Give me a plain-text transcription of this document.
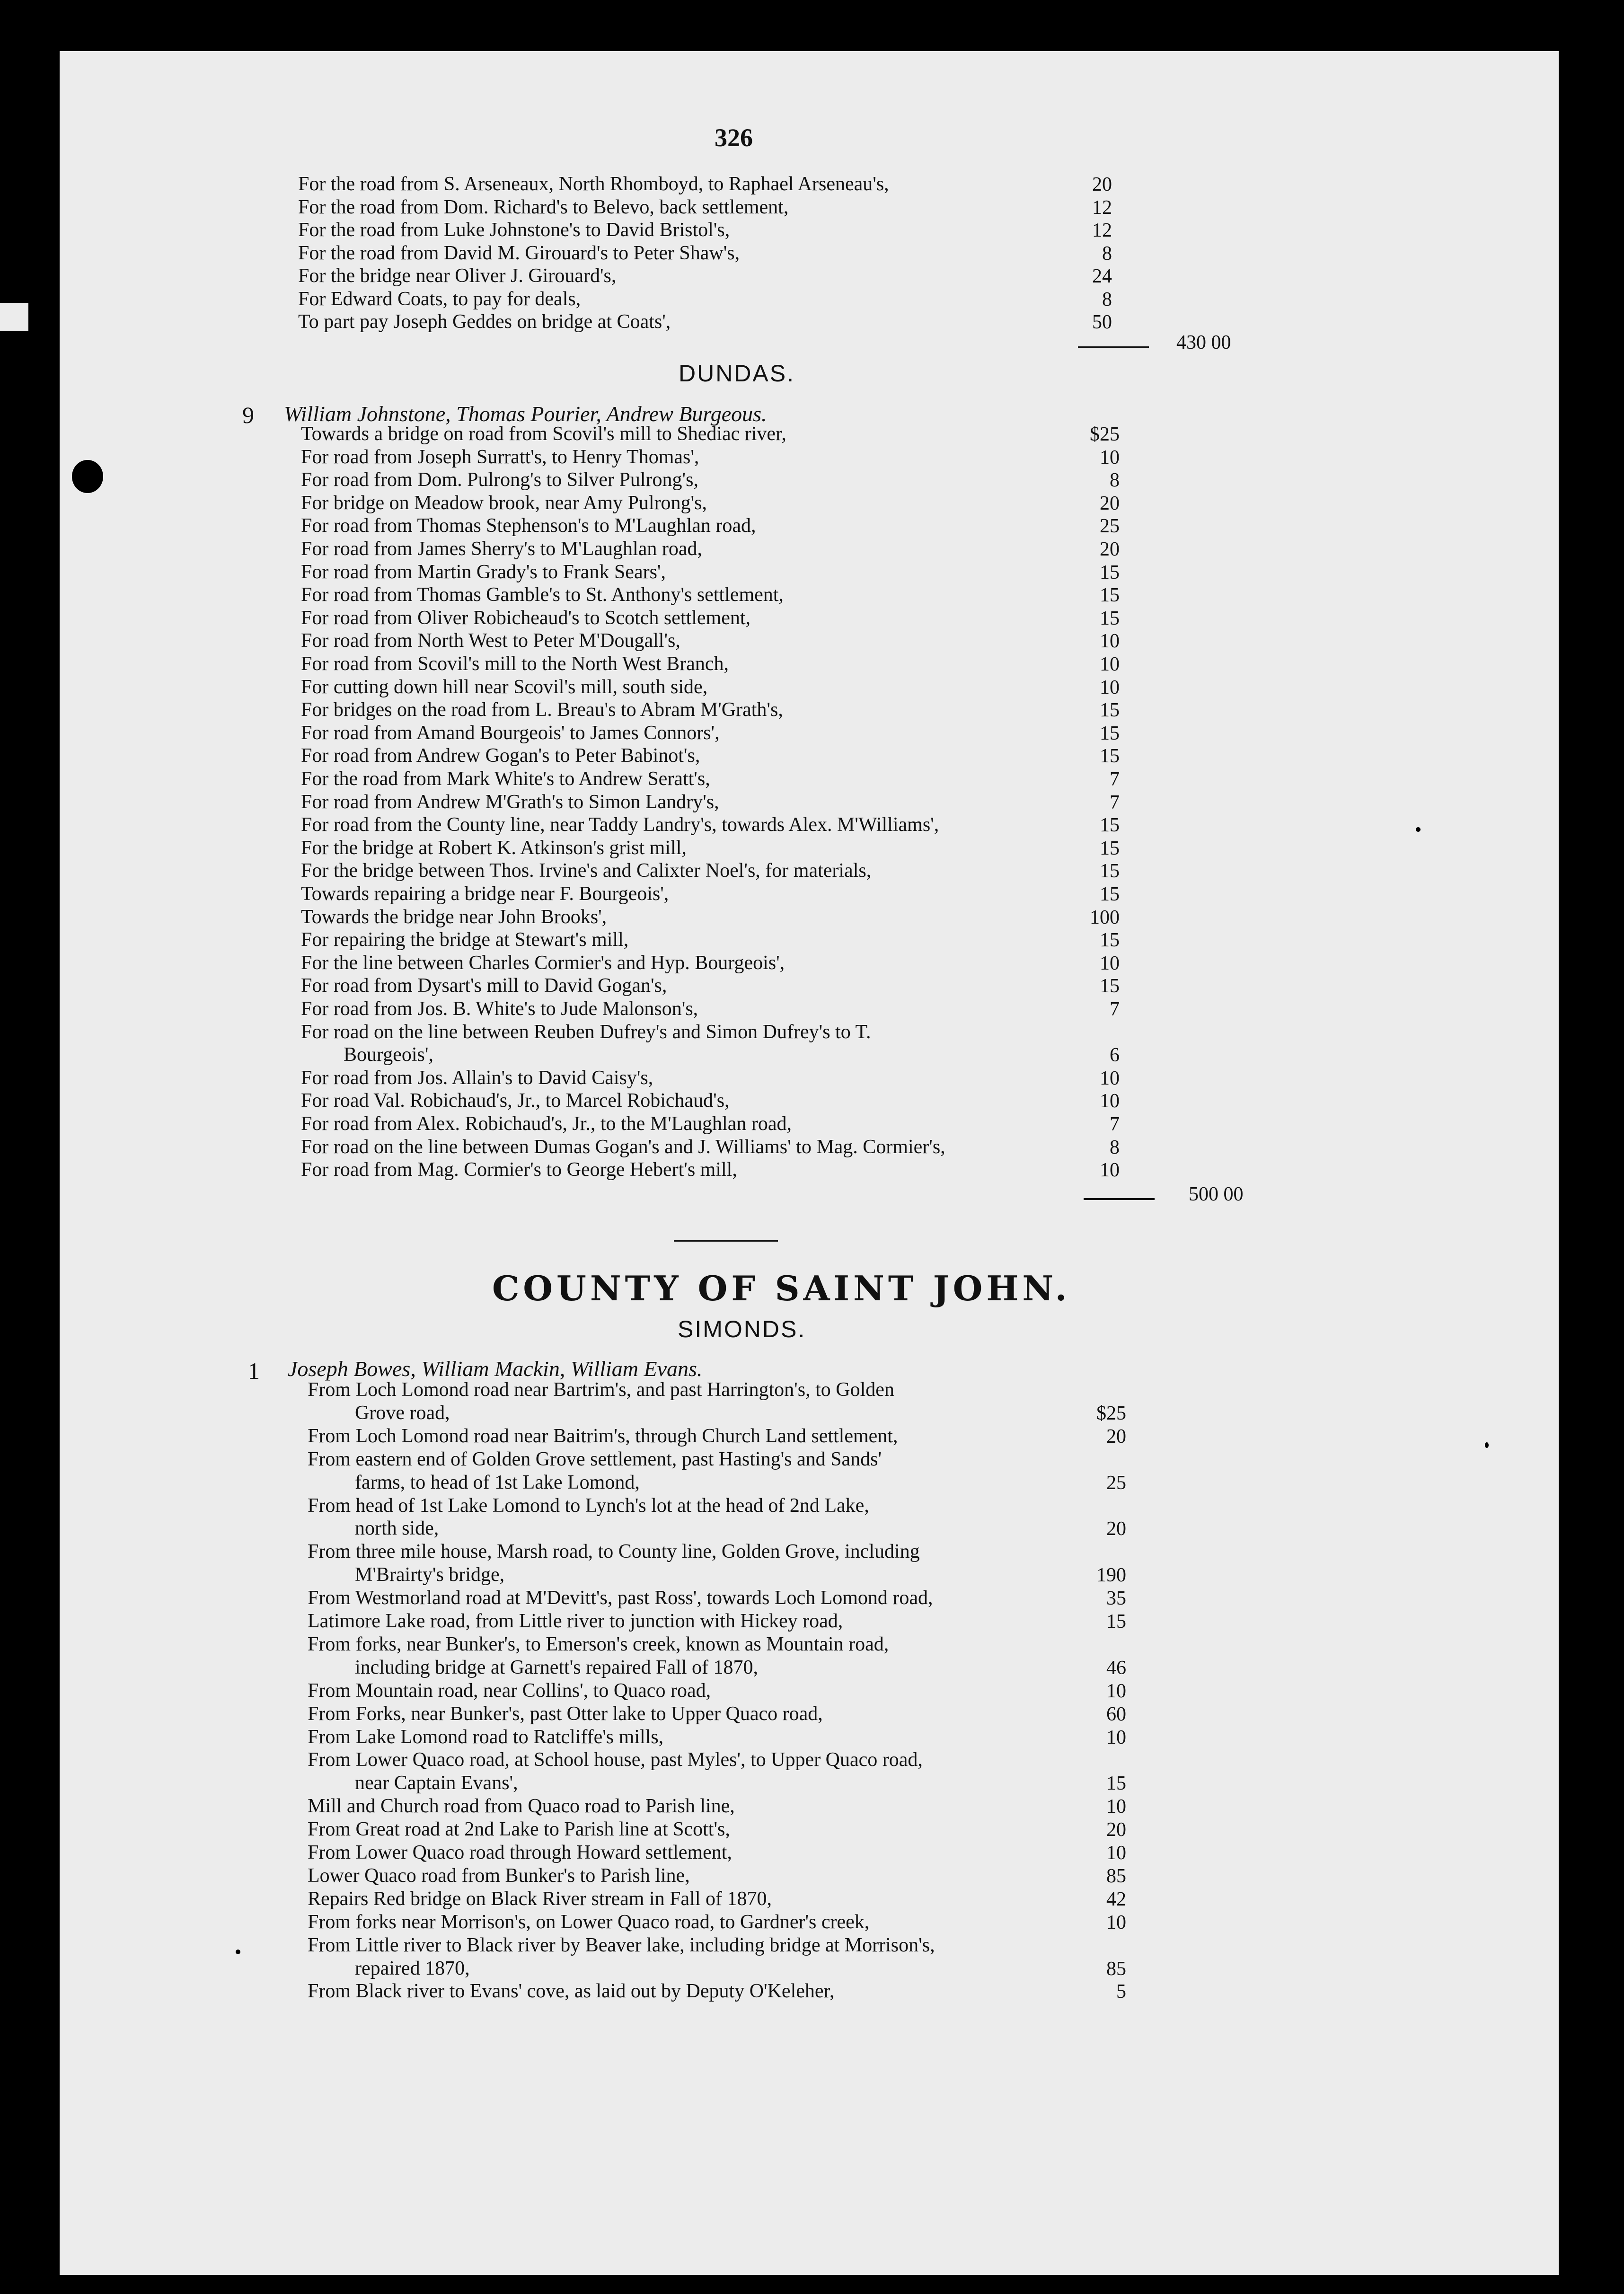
326
For the road from S. Arseneaux, North Rhomboyd, to Raphael Arseneau's,	20
For the road from Dom. Richard's to Belevo, back settlement,	12
For the road from Luke Johnstone's to David Bristol's,	12
For the road from David M. Girouard's to Peter Shaw's,	8
For the bridge near Oliver J. Girouard's,	24
For Edward Coats, to pay for deals,	8
To part pay Joseph Geddes on bridge at Coats',	50
430 00
DUNDAS.
9 William Johnstone, Thomas Pourier, Andrew Burgeous.
Towards a bridge on road from Scovil's mill to Shediac river,	$25
For road from Joseph Surratt's, to Henry Thomas',	10
For road from Dom. Pulrong's to Silver Pulrong's,	8
For bridge on Meadow brook, near Amy Pulrong's,	20
For road from Thomas Stephenson's to M'Laughlan road,	25
For road from James Sherry's to M'Laughlan road,	20
For road from Martin Grady's to Frank Sears',	15
For road from Thomas Gamble's to St. Anthony's settlement,	15
For road from Oliver Robicheaud's to Scotch settlement,	15
For road from North West to Peter M'Dougall's,	10
For road from Scovil's mill to the North West Branch,	10
For cutting down hill near Scovil's mill, south side,	10
For bridges on the road from L. Breau's to Abram M'Grath's,	15
For road from Amand Bourgeois' to James Connors',	15
For road from Andrew Gogan's to Peter Babinot's,	15
For the road from Mark White's to Andrew Seratt's,	7
For road from Andrew M'Grath's to Simon Landry's,	7
For road from the County line, near Taddy Landry's, towards Alex. M'Williams',	15
For the bridge at Robert K. Atkinson's grist mill,	15
For the bridge between Thos. Irvine's and Calixter Noel's, for materials,	15
Towards repairing a bridge near F. Bourgeois',	15
Towards the bridge near John Brooks',	100
For repairing the bridge at Stewart's mill,	15
For the line between Charles Cormier's and Hyp. Bourgeois',	10
For road from Dysart's mill to David Gogan's,	15
For road from Jos. B. White's to Jude Malonson's,	7
For road on the line between Reuben Dufrey's and Simon Dufrey's to T.
Bourgeois',	6
For road from Jos. Allain's to David Caisy's,	10
For road Val. Robichaud's, Jr., to Marcel Robichaud's,	10
For road from Alex. Robichaud's, Jr., to the M'Laughlan road,	7
For road on the line between Dumas Gogan's and J. Williams' to Mag. Cormier's,	8
For road from Mag. Cormier's to George Hebert's mill,	10
500 00
COUNTY OF SAINT JOHN.
SIMONDS.
1 Joseph Bowes, William Mackin, William Evans.
From Loch Lomond road near Bartrim's, and past Harrington's, to Golden
Grove road,	$25
From Loch Lomond road near Baitrim's, through Church Land settlement,	20
From eastern end of Golden Grove settlement, past Hasting's and Sands'
farms, to head of 1st Lake Lomond,	25
From head of 1st Lake Lomond to Lynch's lot at the head of 2nd Lake,
north side,	20
From three mile house, Marsh road, to County line, Golden Grove, including
M'Brairty's bridge,	190
From Westmorland road at M'Devitt's, past Ross', towards Loch Lomond road,	35
Latimore Lake road, from Little river to junction with Hickey road,	15
From forks, near Bunker's, to Emerson's creek, known as Mountain road,
including bridge at Garnett's repaired Fall of 1870,	46
From Mountain road, near Collins', to Quaco road,	10
From Forks, near Bunker's, past Otter lake to Upper Quaco road,	60
From Lake Lomond road to Ratcliffe's mills,	10
From Lower Quaco road, at School house, past Myles', to Upper Quaco road,
near Captain Evans',	15
Mill and Church road from Quaco road to Parish line,	10
From Great road at 2nd Lake to Parish line at Scott's,	20
From Lower Quaco road through Howard settlement,	10
Lower Quaco road from Bunker's to Parish line,	85
Repairs Red bridge on Black River stream in Fall of 1870,	42
From forks near Morrison's, on Lower Quaco road, to Gardner's creek,	10
From Little river to Black river by Beaver lake, including bridge at Morrison's,
repaired 1870,	85
From Black river to Evans' cove, as laid out by Deputy O'Keleher,	5
